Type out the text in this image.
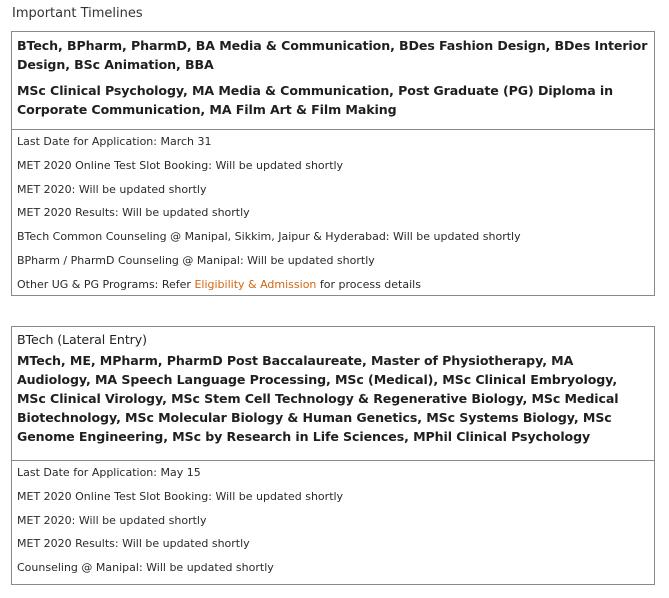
Important Timelines

BTech, BPharm, PharmD, BA Media & Communication, BDes Fashion Design, BDes Interior Design, BSc Animation, BBA

MSc Clinical Psychology, MA Media & Communication, Post Graduate (PG) Diploma in Corporate Communication, MA Film Art & Film Making

Last Date for Application: March 31
MET 2020 Online Test Slot Booking: Will be updated shortly
MET 2020: Will be updated shortly
MET 2020 Results: Will be updated shortly
BTech Common Counseling @ Manipal, Sikkim, Jaipur & Hyderabad: Will be updated shortly
BPharm / PharmD Counseling @ Manipal: Will be updated shortly
Other UG & PG Programs: Refer Eligibility & Admission for process details

BTech (Lateral Entry)

MTech, ME, MPharm, PharmD Post Baccalaureate, Master of Physiotherapy, MA Audiology, MA Speech Language Processing, MSc (Medical), MSc Clinical Embryology, MSc Clinical Virology, MSc Stem Cell Technology & Regenerative Biology, MSc Medical Biotechnology, MSc Molecular Biology & Human Genetics, MSc Systems Biology, MSc Genome Engineering, MSc by Research in Life Sciences, MPhil Clinical Psychology

Last Date for Application: May 15
MET 2020 Online Test Slot Booking: Will be updated shortly
MET 2020: Will be updated shortly
MET 2020 Results: Will be updated shortly
Counseling @ Manipal: Will be updated shortly
